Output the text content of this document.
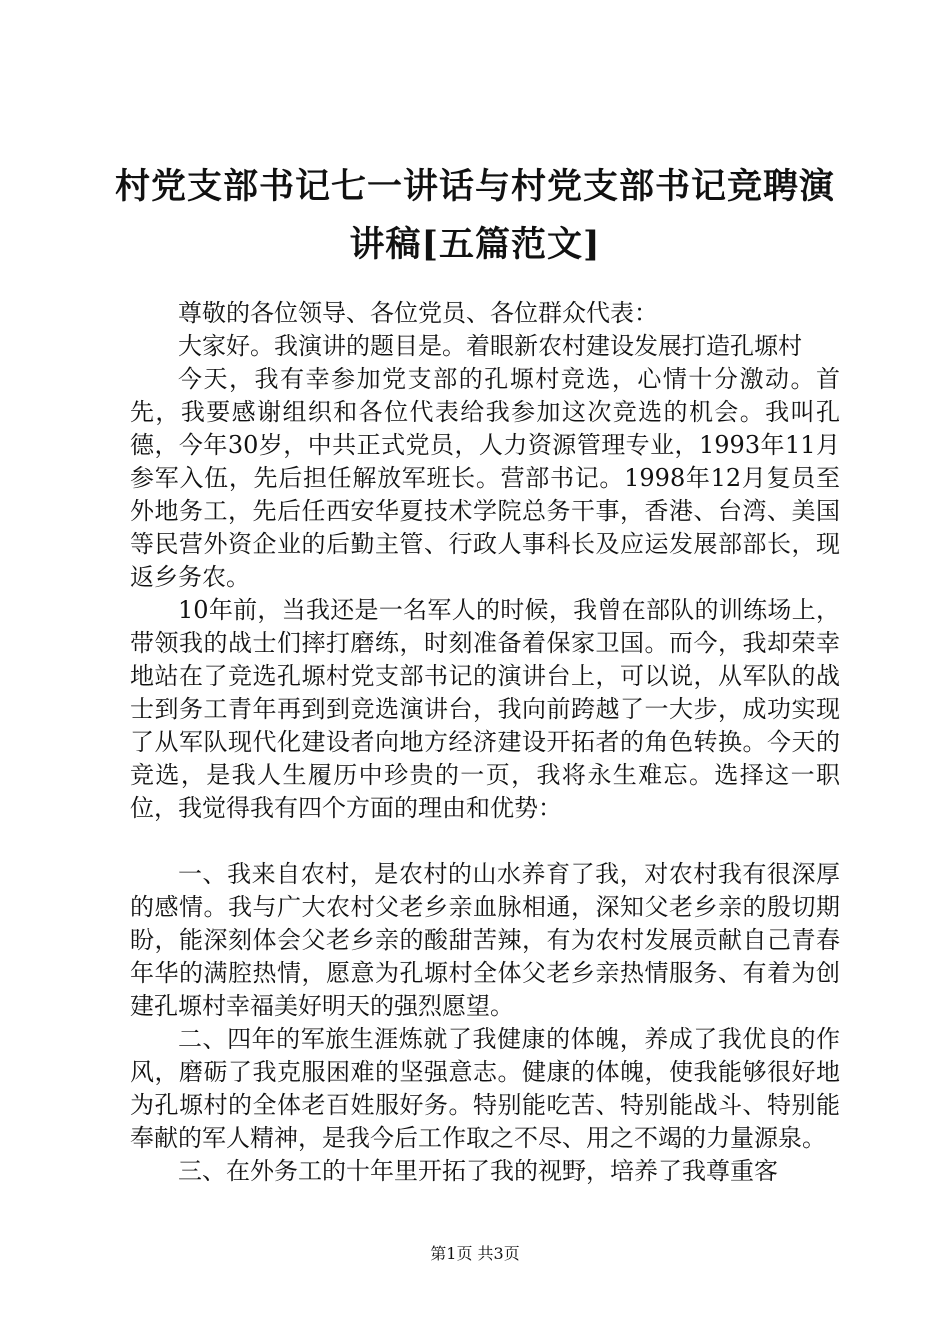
村党支部书记七一讲话与村党支部书记竞聘演
讲稿[五篇范文]

尊敬的各位领导、各位党员、各位群众代表：

大家好。我演讲的题目是。着眼新农村建设发展打造孔塬村

今天，我有幸参加党支部的孔塬村竞选，心情十分激动。首先，我要感谢组织和各位代表给我参加这次竞选的机会。我叫孔德，今年30岁，中共正式党员，人力资源管理专业，1993年11月参军入伍，先后担任解放军班长。营部书记。1998年12月复员至外地务工，先后任西安华夏技术学院总务干事，香港、台湾、美国等民营外资企业的后勤主管、行政人事科长及应运发展部部长，现返乡务农。

10年前，当我还是一名军人的时候，我曾在部队的训练场上，带领我的战士们摔打磨练，时刻准备着保家卫国。而今，我却荣幸地站在了竞选孔塬村党支部书记的演讲台上，可以说，从军队的战士到务工青年再到到竞选演讲台，我向前跨越了一大步，成功实现了从军队现代化建设者向地方经济建设开拓者的角色转换。今天的竞选，是我人生履历中珍贵的一页，我将永生难忘。选择这一职位，我觉得我有四个方面的理由和优势：

一、我来自农村，是农村的山水养育了我，对农村我有很深厚的感情。我与广大农村父老乡亲血脉相通，深知父老乡亲的殷切期盼，能深刻体会父老乡亲的酸甜苦辣，有为农村发展贡献自己青春年华的满腔热情，愿意为孔塬村全体父老乡亲热情服务、有着为创建孔塬村幸福美好明天的强烈愿望。

二、四年的军旅生涯炼就了我健康的体魄，养成了我优良的作风，磨砺了我克服困难的坚强意志。健康的体魄，使我能够很好地为孔塬村的全体老百姓服好务。特别能吃苦、特别能战斗、特别能奉献的军人精神，是我今后工作取之不尽、用之不竭的力量源泉。

三、在外务工的十年里开拓了我的视野，培养了我尊重客

第1页 共3页
